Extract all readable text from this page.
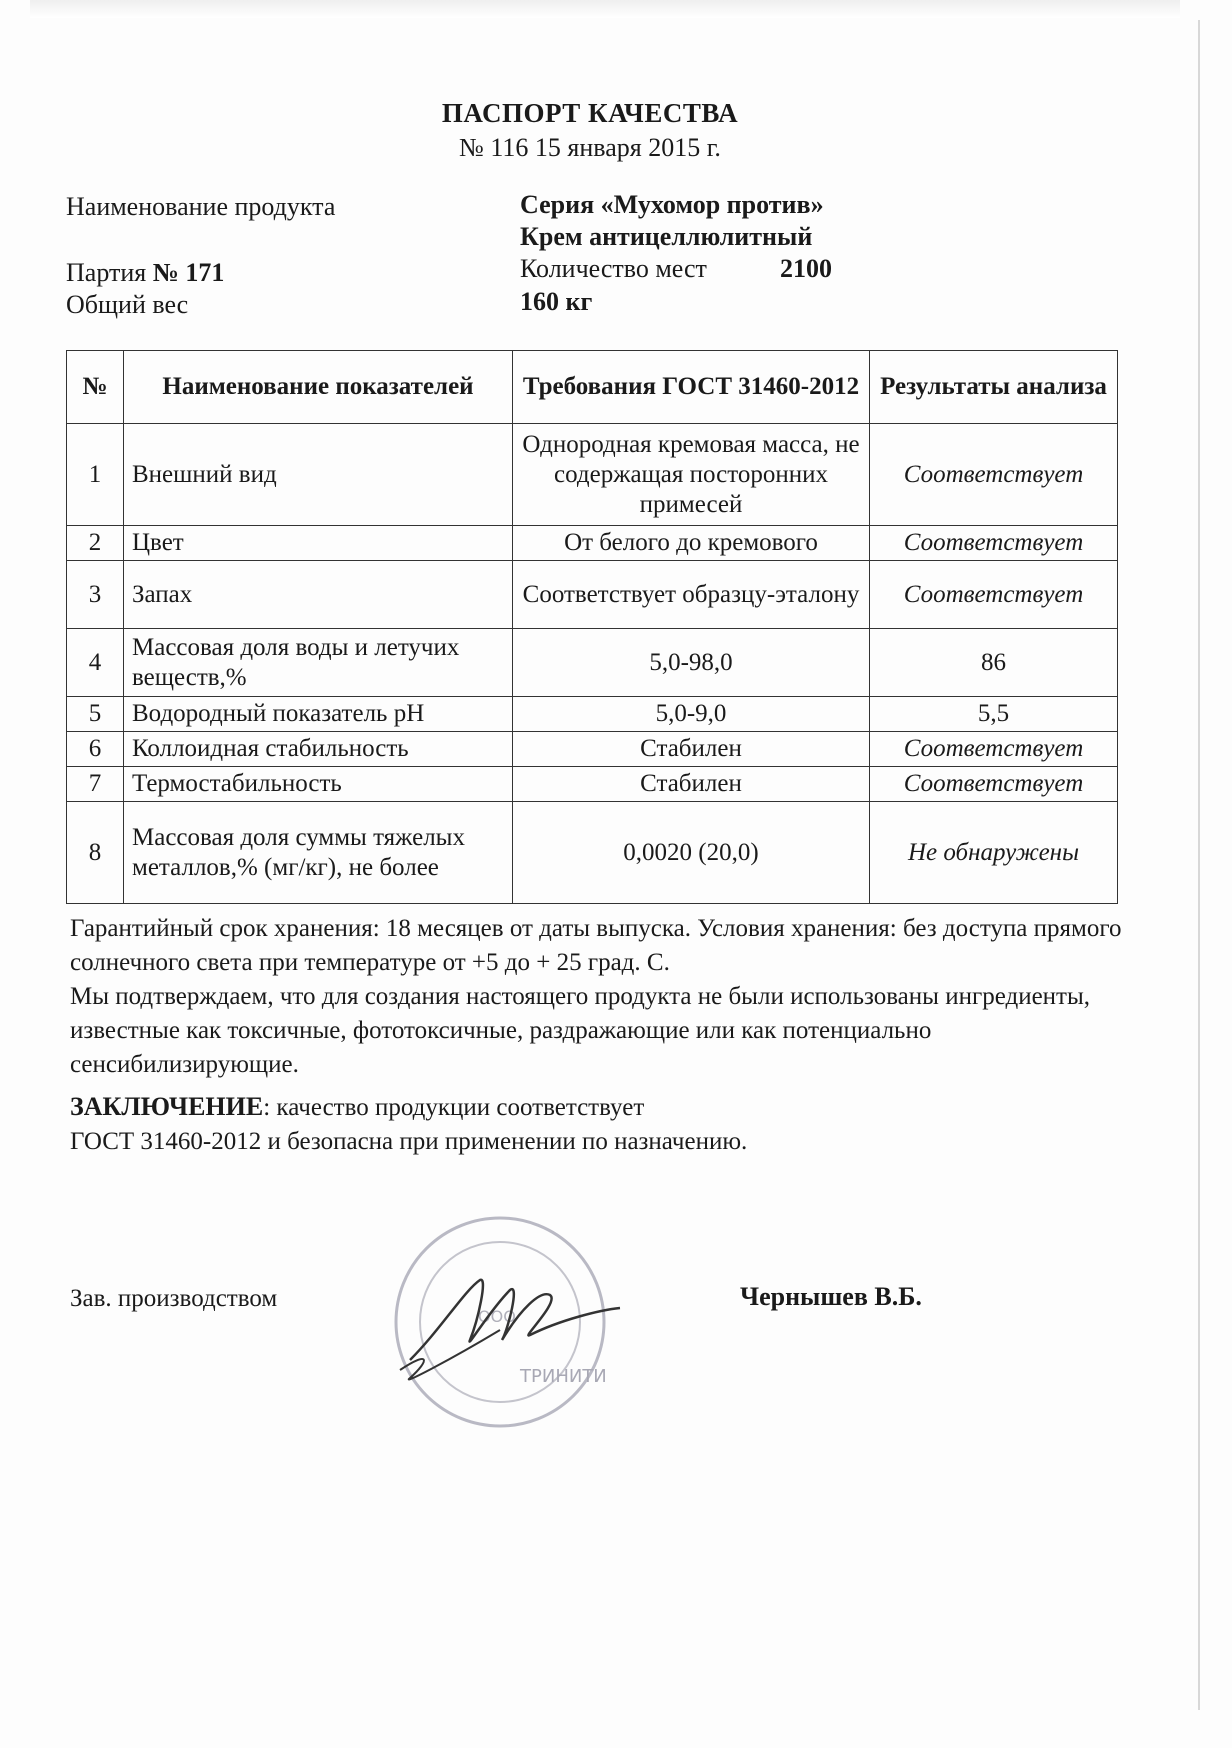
ПАСПОРТ КАЧЕСТВА
№ 116 15 января 2015 г.
Наименование продукта	Серия «Мухомор против»
Крем антицеллюлитный
Партия № 171	Количество мест	2100
Общий вес	160 кг
№	Наименование показателей	Требования ГОСТ 31460-2012	Результаты анализа
1	Внешний вид	Однородная кремовая масса, не содержащая посторонних примесей	Соответствует
2	Цвет	От белого до кремового	Соответствует
3	Запах	Соответствует образцу-эталону	Соответствует
4	Массовая доля воды и летучих веществ,%	5,0-98,0	86
5	Водородный показатель pH	5,0-9,0	5,5
6	Коллоидная стабильность	Стабилен	Соответствует
7	Термостабильность	Стабилен	Соответствует
8	Массовая доля суммы тяжелых металлов,% (мг/кг), не более	0,0020 (20,0)	Не обнаружены
Гарантийный срок хранения: 18 месяцев от даты выпуска. Условия хранения: без доступа прямого солнечного света при температуре от +5 до + 25 град. С.
Мы подтверждаем, что для создания настоящего продукта не были использованы ингредиенты, известные как токсичные, фототоксичные, раздражающие или как потенциально сенсибилизирующие.
ЗАКЛЮЧЕНИЕ: качество продукции соответствует
ГОСТ 31460-2012 и безопасна при применении по назначению.
Зав. производством
ТРИНИТИ
ООО
Чернышев В.Б.
